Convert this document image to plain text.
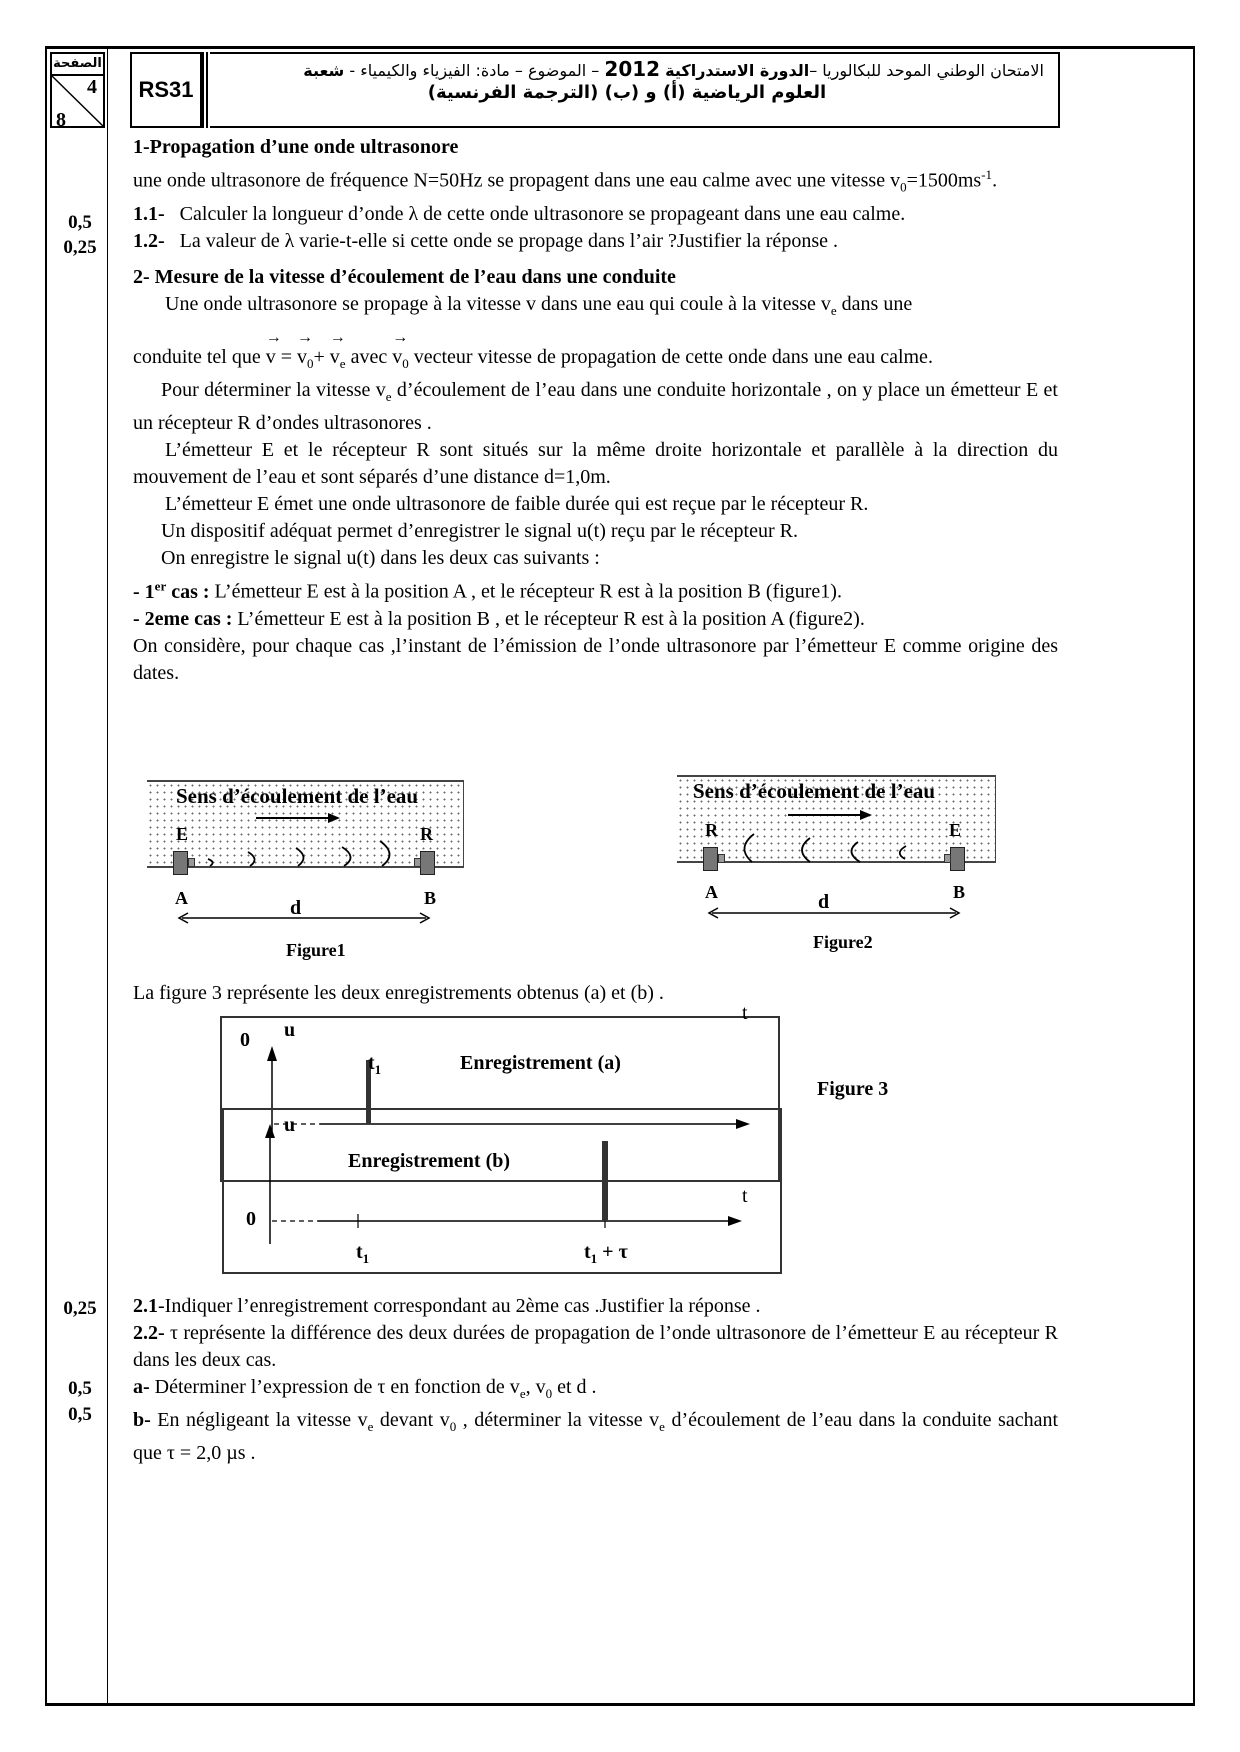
الصفحة
4
8
RS31
الامتحان الوطني الموحد للبكالوريا –الدورة الاستدراكية 2012 – الموضوع – مادة: الفيزياء والكيمياء - شعبة
العلوم الرياضية (أ) و (ب) (الترجمة الفرنسية)
0,5
0,25
0,25
0,5
0,5

1-Propagation d’une onde ultrasonore

une onde ultrasonore de fréquence N=50Hz se propagent dans une eau calme avec une vitesse $v_0=1500ms^{-1}$.

1.1- Calculer la longueur d’onde λ de cette onde ultrasonore se propageant dans une eau calme.

1.2- La valeur de λ varie-t-elle si cette onde se propage dans l’air ?Justifier la réponse .

2- Mesure de la vitesse d’écoulement de l’eau dans une conduite

Une onde ultrasonore se propage à la vitesse v dans une eau qui coule à la vitesse $v_e$ dans une

conduite tel que → v = → $v_0+ \to v_e$ avec → $v_0$ vecteur vitesse de propagation de cette onde dans une eau calme.

Pour déterminer la vitesse $v_e$ d’écoulement de l’eau dans une conduite horizontale , on y place un émetteur E et un récepteur R d’ondes ultrasonores .

L’émetteur E et le récepteur R sont situés sur la même droite horizontale et parallèle à la direction du mouvement de l’eau et sont séparés d’une distance d=1,0m.

L’émetteur E émet une onde ultrasonore de faible durée qui est reçue par le récepteur R.

Un dispositif adéquat permet d’enregistrer le signal u(t) reçu par le récepteur R.

On enregistre le signal u(t) dans les deux cas suivants :

- 1er cas : L’émetteur E est à la position A , et le récepteur R est à la position B (figure1).

- 2eme cas : L’émetteur E est à la position B , et le récepteur R est à la position A (figure2).

On considère, pour chaque cas ,l’instant de l’émission de l’onde ultrasonore par l’émetteur E comme origine des dates.

Sens d’écoulement de l’eau
E	R
A	B
d
Figure1
Sens d’écoulement de l’eau
R	E
A	B
d
Figure2
La figure 3 représente les deux enregistrements obtenus (a) et (b) .
u
Enregistrement (a)
t
0
$t_1$
Figure 3
u
Enregistrement (b)
t
0
$t_1$	$t_1 + \tau$

2.1-Indiquer l’enregistrement correspondant au 2ème cas .Justifier la réponse .

2.2- τ représente la différence des deux durées de propagation de l’onde ultrasonore de l’émetteur E au récepteur R dans les deux cas.

a- Déterminer l’expression de τ en fonction de $v_e$, $v_0$ et d .

b- En négligeant la vitesse $v_e$ devant $v_0$ , déterminer la vitesse $v_e$ d’écoulement de l’eau dans la conduite sachant que τ = 2,0 µs .
